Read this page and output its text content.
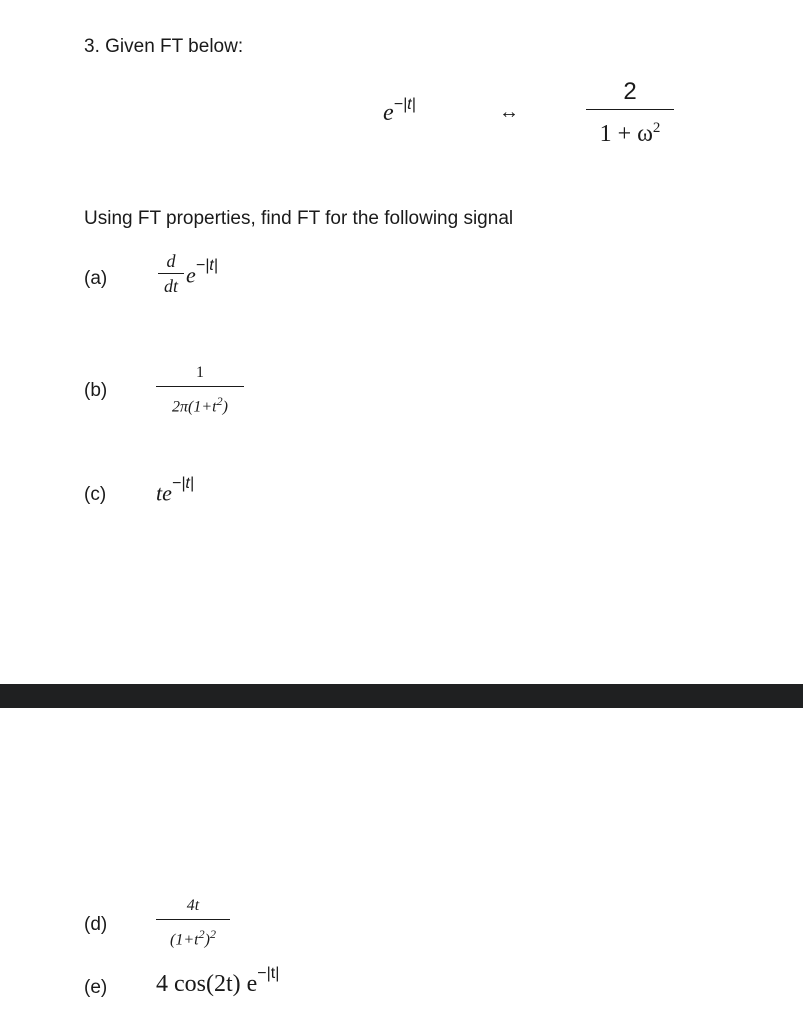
3. Given FT below:
$e^{-|t|}$	↔
2
$1 + \omega^2$
Using FT properties, find FT for the following signal
(a)	$\frac{d}{dt} e^{-|t|}$
(b)
1
$2\pi(1+t^2)$
(c) $te^{-|t|}$
(d)
4t
$(1+t^2)^2$
(e) 4 cos(2t) $e^{-|t|}$
